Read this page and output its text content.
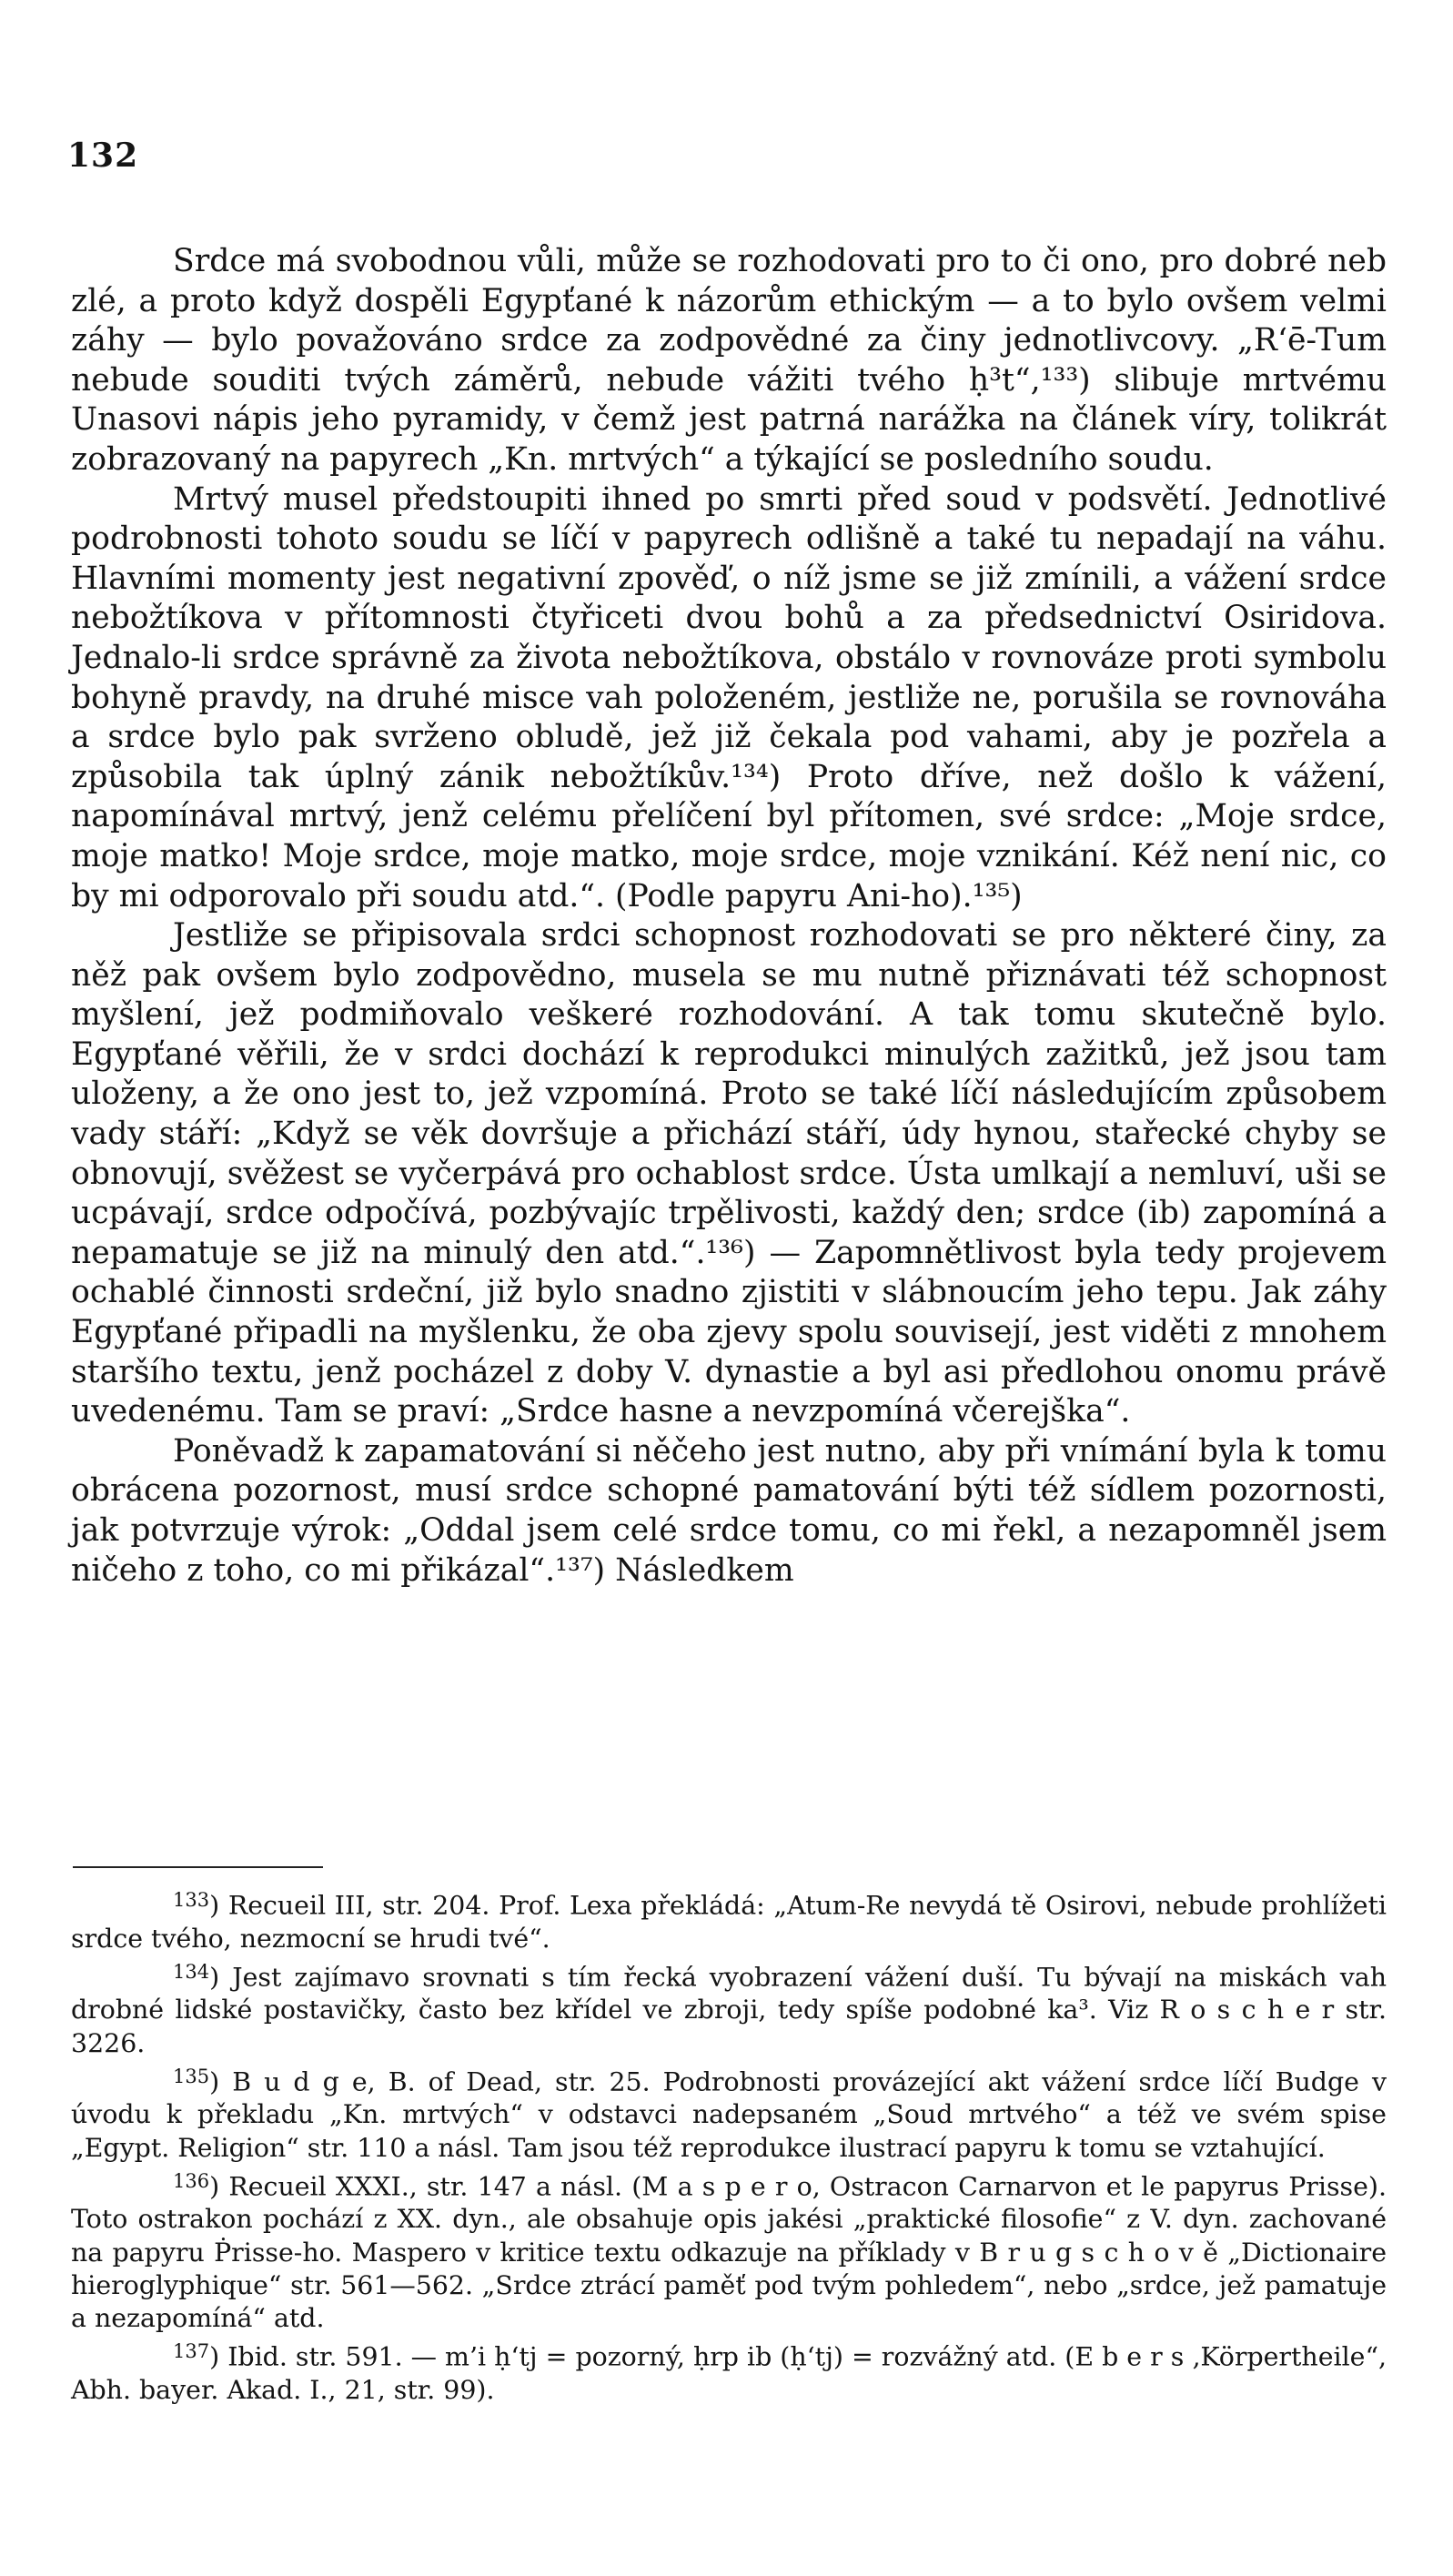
132

Srdce má svobodnou vůli, může se rozhodovati pro to či ono, pro dobré neb zlé, a proto když dospěli Egypťané k názorům ethickým — a to bylo ovšem velmi záhy — bylo považováno srdce za zodpovědné za činy jednotlivcovy. „R‘ē-Tum nebude souditi tvých záměrů, nebude vážiti tvého ḥ³t“,¹³³) slibuje mrtvému Unasovi nápis jeho pyramidy, v čemž jest patrná narážka na článek víry, tolikrát zobrazovaný na papyrech „Kn. mrtvých“ a týkající se posledního soudu.

Mrtvý musel předstoupiti ihned po smrti před soud v podsvětí. Jednotlivé podrobnosti tohoto soudu se líčí v papyrech odlišně a také tu nepadají na váhu. Hlavními momenty jest negativní zpověď, o níž jsme se již zmínili, a vážení srdce nebožtíkova v přítomnosti čtyřiceti dvou bohů a za předsednictví Osiridova. Jednalo-li srdce správně za života nebožtíkova, obstálo v rovnováze proti symbolu bohyně pravdy, na druhé misce vah položeném, jestliže ne, porušila se rovnováha a srdce bylo pak svrženo obludě, jež již čekala pod vahami, aby je pozřela a způsobila tak úplný zánik nebožtíkův.¹³⁴) Proto dříve, než došlo k vážení, napomínával mrtvý, jenž celému přelíčení byl přítomen, své srdce: „Moje srdce, moje matko! Moje srdce, moje matko, moje srdce, moje vznikání. Kéž není nic, co by mi odporovalo při soudu atd.“. (Podle papyru Ani-ho).¹³⁵)

Jestliže se připisovala srdci schopnost rozhodovati se pro některé činy, za něž pak ovšem bylo zodpovědno, musela se mu nutně přiznávati též schopnost myšlení, jež podmiňovalo veškeré rozhodování. A tak tomu skutečně bylo. Egypťané věřili, že v srdci dochází k reprodukci minulých zažitků, jež jsou tam uloženy, a že ono jest to, jež vzpomíná. Proto se také líčí následujícím způsobem vady stáří: „Když se věk dovršuje a přichází stáří, údy hynou, stařecké chyby se obnovují, svěžest se vyčerpává pro ochablost srdce. Ústa umlkají a nemluví, uši se ucpávají, srdce odpočívá, pozbývajíc trpělivosti, každý den; srdce (ib) zapomíná a nepamatuje se již na minulý den atd.“.¹³⁶) — Zapomnětlivost byla tedy projevem ochablé činnosti srdeční, již bylo snadno zjistiti v slábnoucím jeho tepu. Jak záhy Egypťané připadli na myšlenku, že oba zjevy spolu souvisejí, jest viděti z mnohem staršího textu, jenž pocházel z doby V. dynastie a byl asi předlohou onomu právě uvedenému. Tam se praví: „Srdce hasne a nevzpomíná včerejška“.

Poněvadž k zapamatování si něčeho jest nutno, aby při vnímání byla k tomu obrácena pozornost, musí srdce schopné pamatování býti též sídlem pozornosti, jak potvrzuje výrok: „Oddal jsem celé srdce tomu, co mi řekl, a nezapomněl jsem ničeho z toho, co mi přikázal“.¹³⁷) Následkem

$^{133}$) Recueil III, str. 204. Prof. Lexa překládá: „Atum-Re nevydá tě Osirovi, nebude prohlížeti srdce tvého, nezmocní se hrudi tvé“.

$^{134}$) Jest zajímavo srovnati s tím řecká vyobrazení vážení duší. Tu bývají na miskách vah drobné lidské postavičky, často bez křídel ve zbroji, tedy spíše podobné ka³. Viz R o s c h e r str. 3226.

$^{135}$) B u d g e, B. of Dead, str. 25. Podrobnosti provázející akt vážení srdce líčí Budge v úvodu k překladu „Kn. mrtvých“ v odstavci nadepsaném „Soud mrtvého“ a též ve svém spise „Egypt. Religion“ str. 110 a násl. Tam jsou též reprodukce ilustrací papyru k tomu se vztahující.

$^{136}$) Recueil XXXI., str. 147 a násl. (M a s p e r o, Ostracon Carnarvon et le papyrus Prisse). Toto ostrakon pochází z XX. dyn., ale obsahuje opis jakési „praktické filosofie“ z V. dyn. zachované na papyru Ṗrisse-ho. Maspero v kritice textu odkazuje na příklady v B r u g s c h o v ě „Dictionaire hieroglyphique“ str. 561—562. „Srdce ztrácí paměť pod tvým pohledem“, nebo „srdce, jež pamatuje a nezapomíná“ atd.

$^{137}$) Ibid. str. 591. — m’i ḥ‘tj = pozorný, ḥrp ib (ḥ‘tj) = rozvážný atd. (E b e r s ‚Körpertheile“, Abh. bayer. Akad. I., 21, str. 99).
